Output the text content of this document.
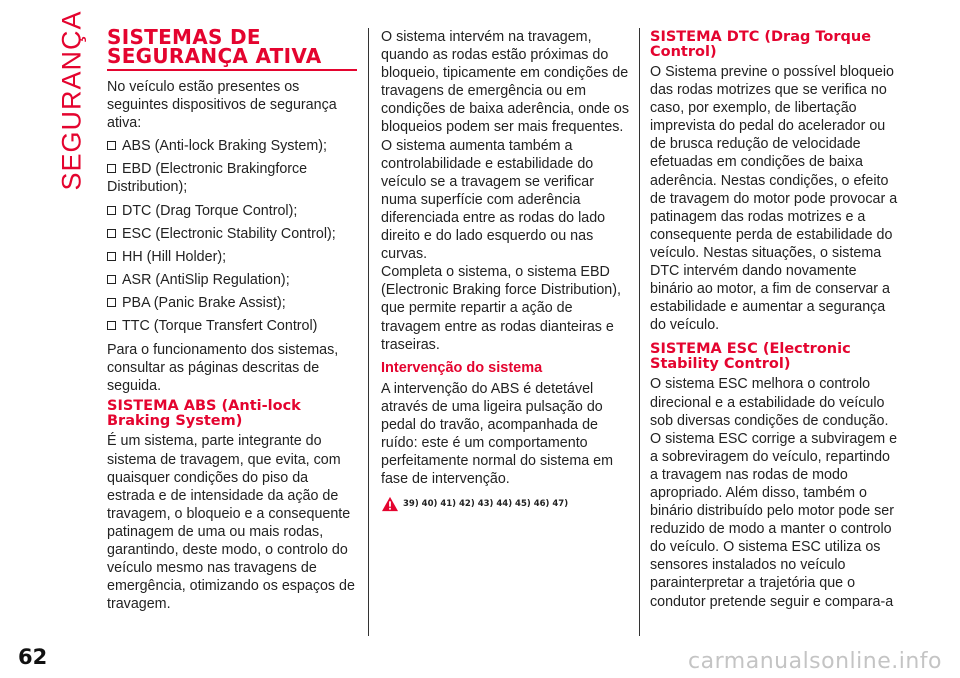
SEGURANÇA SISTEMAS DE
SEGURANÇA ATIVA

No veículo estão presentes os seguintes dispositivos de segurança ativa:

ABS (Anti-lock Braking System);
EBD (Electronic Brakingforce Distribution);
DTC (Drag Torque Control);
ESC (Electronic Stability Control);
HH (Hill Holder);
ASR (AntiSlip Regulation);
PBA (Panic Brake Assist);
TTC (Torque Transfert Control)

Para o funcionamento dos sistemas, consultar as páginas descritas de seguida.

SISTEMA ABS (Anti-lock Braking System)

É um sistema, parte integrante do sistema de travagem, que evita, com quaisquer condições do piso da estrada e de intensidade da ação de travagem, o bloqueio e a consequente patinagem de uma ou mais rodas, garantindo, deste modo, o controlo do veículo mesmo nas travagens de emergência, otimizando os espaços de travagem.

O sistema intervém na travagem, quando as rodas estão próximas do bloqueio, tipicamente em condições de travagens de emergência ou em condições de baixa aderência, onde os bloqueios podem ser mais frequentes.

O sistema aumenta também a controlabilidade e estabilidade do veículo se a travagem se verificar numa superfície com aderência diferenciada entre as rodas do lado direito e do lado esquerdo ou nas curvas.

Completa o sistema, o sistema EBD (Electronic Braking force Distribution), que permite repartir a ação de travagem entre as rodas dianteiras e traseiras.

Intervenção do sistema

A intervenção do ABS é detetável através de uma ligeira pulsação do pedal do travão, acompanhada de ruído: este é um comportamento perfeitamente normal do sistema em fase de intervenção.

39) 40) 41) 42) 43) 44) 45) 46) 47)
SISTEMA DTC (Drag Torque Control)

O Sistema previne o possível bloqueio das rodas motrizes que se verifica no caso, por exemplo, de libertação imprevista do pedal do acelerador ou de brusca redução de velocidade efetuadas em condições de baixa aderência. Nestas condições, o efeito de travagem do motor pode provocar a patinagem das rodas motrizes e a consequente perda de estabilidade do veículo. Nestas situações, o sistema DTC intervém dando novamente binário ao motor, a fim de conservar a estabilidade e aumentar a segurança do veículo.

SISTEMA ESC (Electronic Stability Control)

O sistema ESC melhora o controlo direcional e a estabilidade do veículo sob diversas condições de condução. O sistema ESC corrige a subviragem e a sobreviragem do veículo, repartindo a travagem nas rodas de modo apropriado. Além disso, também o binário distribuído pelo motor pode ser reduzido de modo a manter o controlo do veículo. O sistema ESC utiliza os sensores instalados no veículo parainterpretar a trajetória que o condutor pretende seguir e compara-a

62	carmanualsonline.info
